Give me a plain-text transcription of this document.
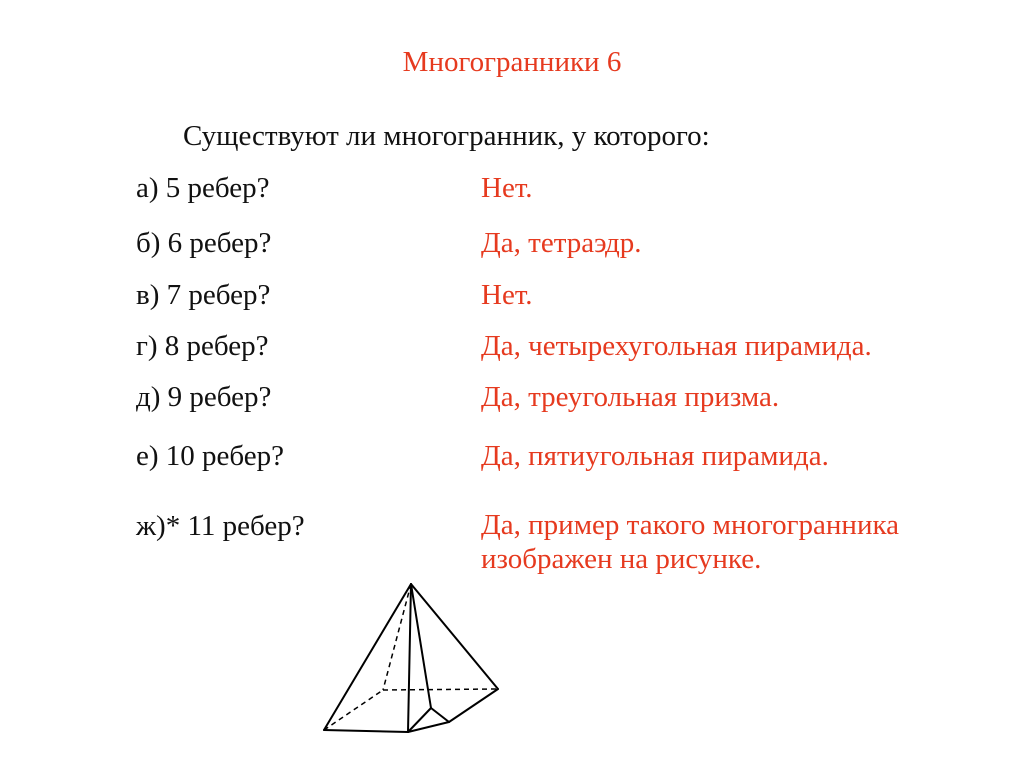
Многогранники 6
Существуют ли многогранник, у которого:
а) 5 ребер?	Нет.
б) 6 ребер?	Да, тетраэдр.
в) 7 ребер?	Нет.
г) 8 ребер?	Да, четырехугольная пирамида.
д) 9 ребер?	Да, треугольная призма.
е) 10 ребер?	Да, пятиугольная пирамида.
ж)* 11 ребер?	Да, пример такого многогранника
изображен на рисунке.
